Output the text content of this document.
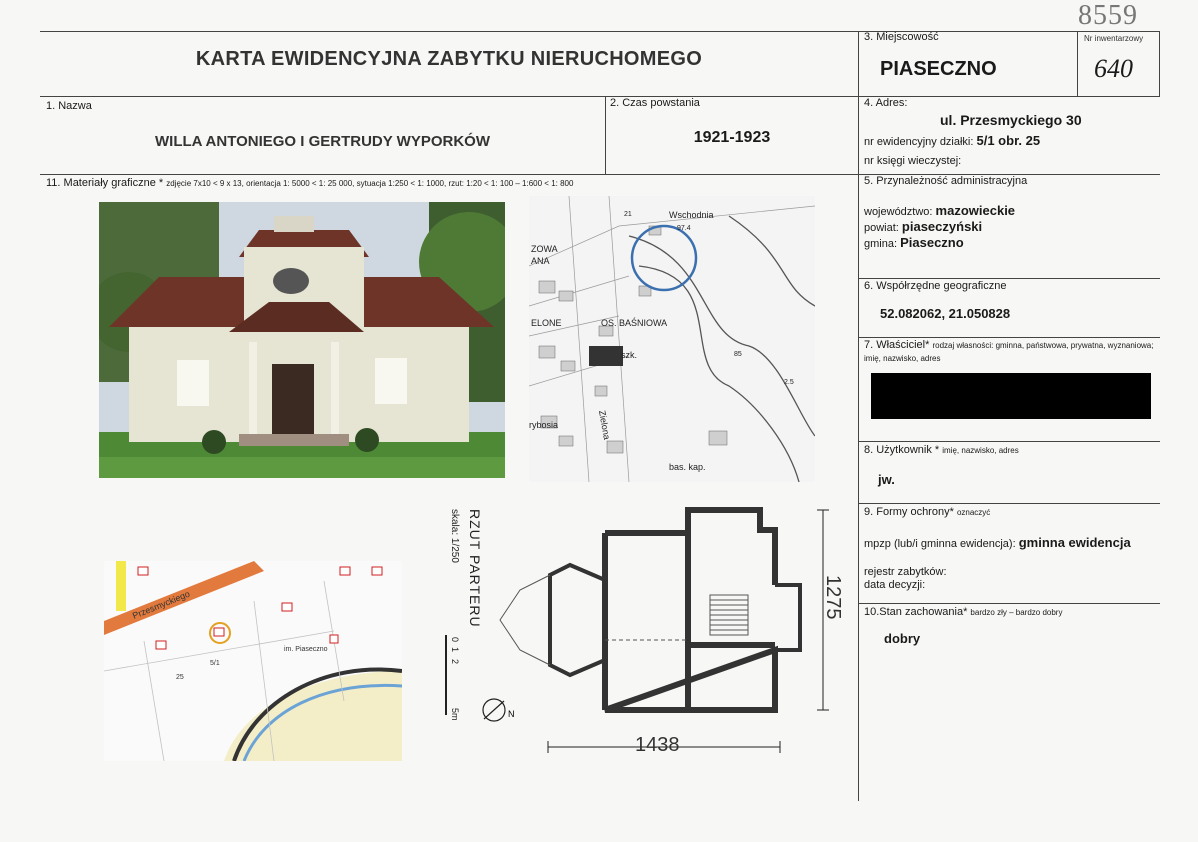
8559
KARTA EWIDENCYJNA ZABYTKU NIERUCHOMEGO
3. Miejscowość
PIASECZNO
Nr inwentarzowy
640
1. Nazwa
WILLA ANTONIEGO I GERTRUDY WYPORKÓW
2. Czas powstania
1921-1923
4. Adres:
ul. Przesmyckiego 30
nr ewidencyjny działki: 5/1 obr. 25
nr księgi wieczystej:
11. Materiały graficzne * zdjęcie 7x10 < 9 x 13, orientacja 1: 5000 < 1: 25 000, sytuacja 1:250 < 1: 1000, rzut: 1:20 < 1: 100 – 1:600 < 1: 800
Wschodnia
OS. BAŚNIOWA
szk.
ELONE
ZOWA
ANA
Zielona
rybosia
bas. kap.
97.4
85
2.5
21
Przesmyckiego
im. Piaseczno
25
5/1
RZUT PARTERU
skala: 1/250
0
1
2
5m	N
1438
1275
5. Przynależność administracyjna
województwo: mazowieckie
powiat: piaseczyński
gmina: Piaseczno
6. Współrzędne geograficzne
52.082062, 21.050828
7. Właściciel* rodzaj własności: gminna, państwowa, prywatna, wyznaniowa; imię, nazwisko, adres
8. Użytkownik * imię, nazwisko, adres
jw.
9. Formy ochrony* oznaczyć
mpzp (lub/i gminna ewidencja): gminna ewidencja
rejestr zabytków:
data decyzji:
10.Stan zachowania* bardzo zły – bardzo dobry
dobry
